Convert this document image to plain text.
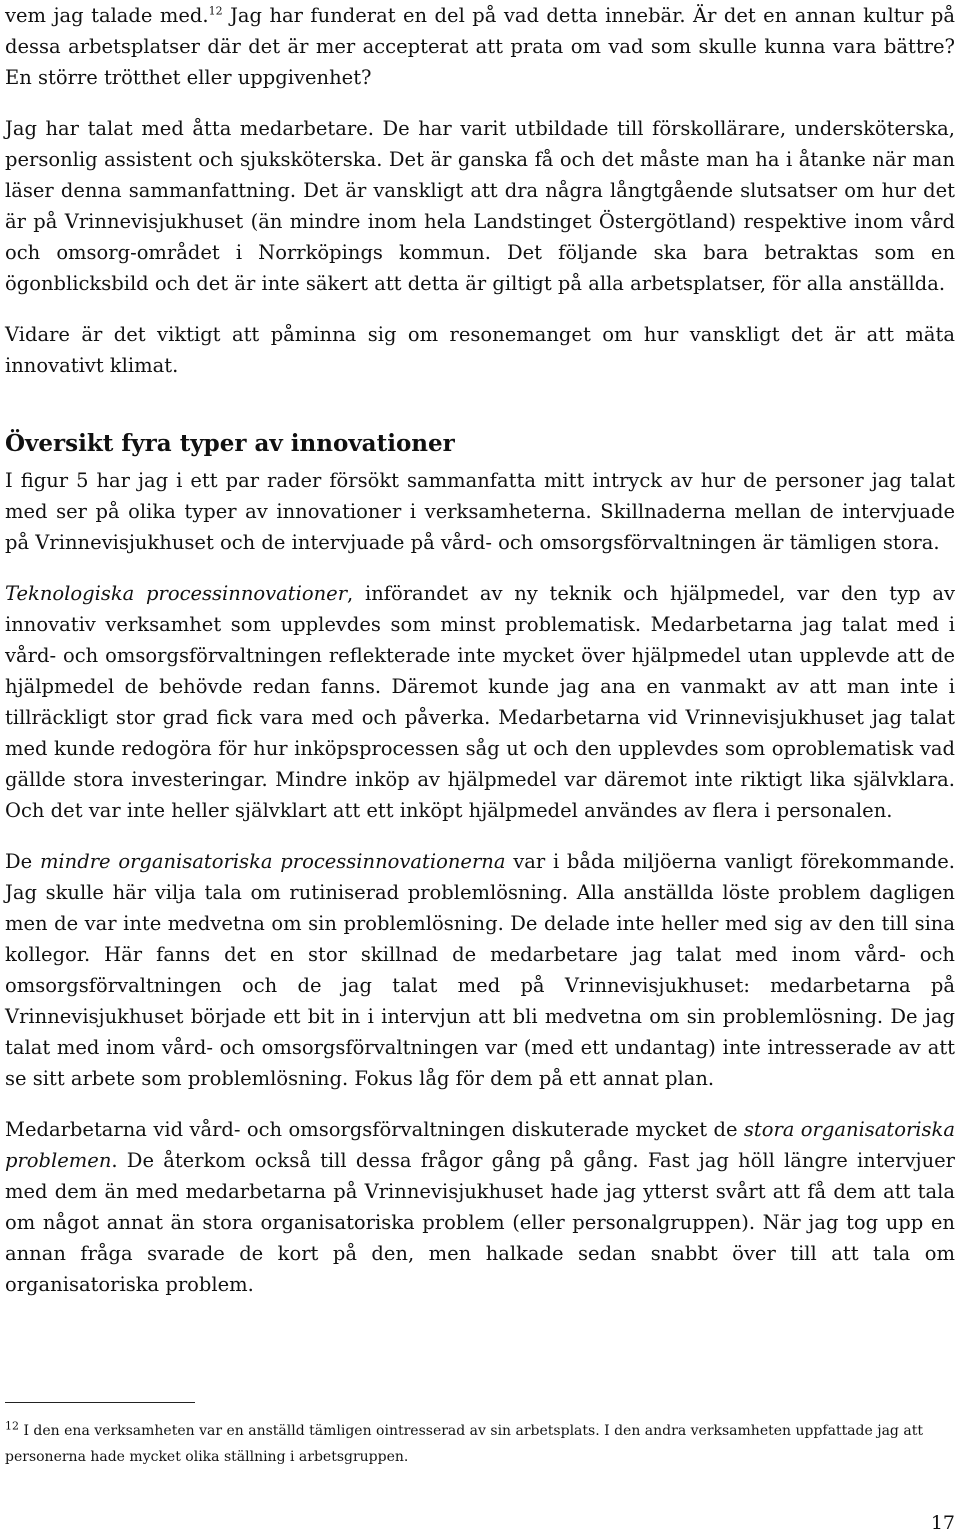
vem jag talade med.$^{12}$ Jag har funderat en del på vad detta innebär. Är det en annan kultur på dessa arbetsplatser där det är mer accepterat att prata om vad som skulle kunna vara bättre? En större trötthet eller uppgivenhet?

Jag har talat med åtta medarbetare. De har varit utbildade till förskollärare, undersköterska, personlig assistent och sjuksköterska. Det är ganska få och det måste man ha i åtanke när man läser denna sammanfattning. Det är vanskligt att dra några långtgående slutsatser om hur det är på Vrinnevisjukhuset (än mindre inom hela Landstinget Östergötland) respektive inom vård och omsorg-området i Norrköpings kommun. Det följande ska bara betraktas som en ögonblicksbild och det är inte säkert att detta är giltigt på alla arbetsplatser, för alla anställda.

Vidare är det viktigt att påminna sig om resonemanget om hur vanskligt det är att mäta innovativt klimat.

Översikt fyra typer av innovationer

I figur 5 har jag i ett par rader försökt sammanfatta mitt intryck av hur de personer jag talat med ser på olika typer av innovationer i verksamheterna. Skillnaderna mellan de intervjuade på Vrinnevisjukhuset och de intervjuade på vård- och omsorgsförvaltningen är tämligen stora.

Teknologiska processinnovationer, införandet av ny teknik och hjälpmedel, var den typ av innovativ verksamhet som upplevdes som minst problematisk. Medarbetarna jag talat med i vård- och omsorgsförvaltningen reflekterade inte mycket över hjälpmedel utan upplevde att de hjälpmedel de behövde redan fanns. Däremot kunde jag ana en vanmakt av att man inte i tillräckligt stor grad fick vara med och påverka. Medarbetarna vid Vrinnevisjukhuset jag talat med kunde redogöra för hur inköpsprocessen såg ut och den upplevdes som oproblematisk vad gällde stora investeringar. Mindre inköp av hjälpmedel var däremot inte riktigt lika självklara. Och det var inte heller självklart att ett inköpt hjälpmedel användes av flera i personalen.

De mindre organisatoriska processinnovationerna var i båda miljöerna vanligt förekommande. Jag skulle här vilja tala om rutiniserad problemlösning. Alla anställda löste problem dagligen men de var inte medvetna om sin problemlösning. De delade inte heller med sig av den till sina kollegor. Här fanns det en stor skillnad de medarbetare jag talat med inom vård- och omsorgsförvaltningen och de jag talat med på Vrinnevisjukhuset: medarbetarna på Vrinnevisjukhuset började ett bit in i intervjun att bli medvetna om sin problemlösning. De jag talat med inom vård- och omsorgsförvaltningen var (med ett undantag) inte intresserade av att se sitt arbete som problemlösning. Fokus låg för dem på ett annat plan.

Medarbetarna vid vård- och omsorgsförvaltningen diskuterade mycket de stora organisatoriska problemen. De återkom också till dessa frågor gång på gång. Fast jag höll längre intervjuer med dem än med medarbetarna på Vrinnevisjukhuset hade jag ytterst svårt att få dem att tala om något annat än stora organisatoriska problem (eller personalgruppen). När jag tog upp en annan fråga svarade de kort på den, men halkade sedan snabbt över till att tala om organisatoriska problem.

$^{12}$ I den ena verksamheten var en anställd tämligen ointresserad av sin arbetsplats. I den andra verksamheten uppfattade jag att personerna hade mycket olika ställning i arbetsgruppen.
17
